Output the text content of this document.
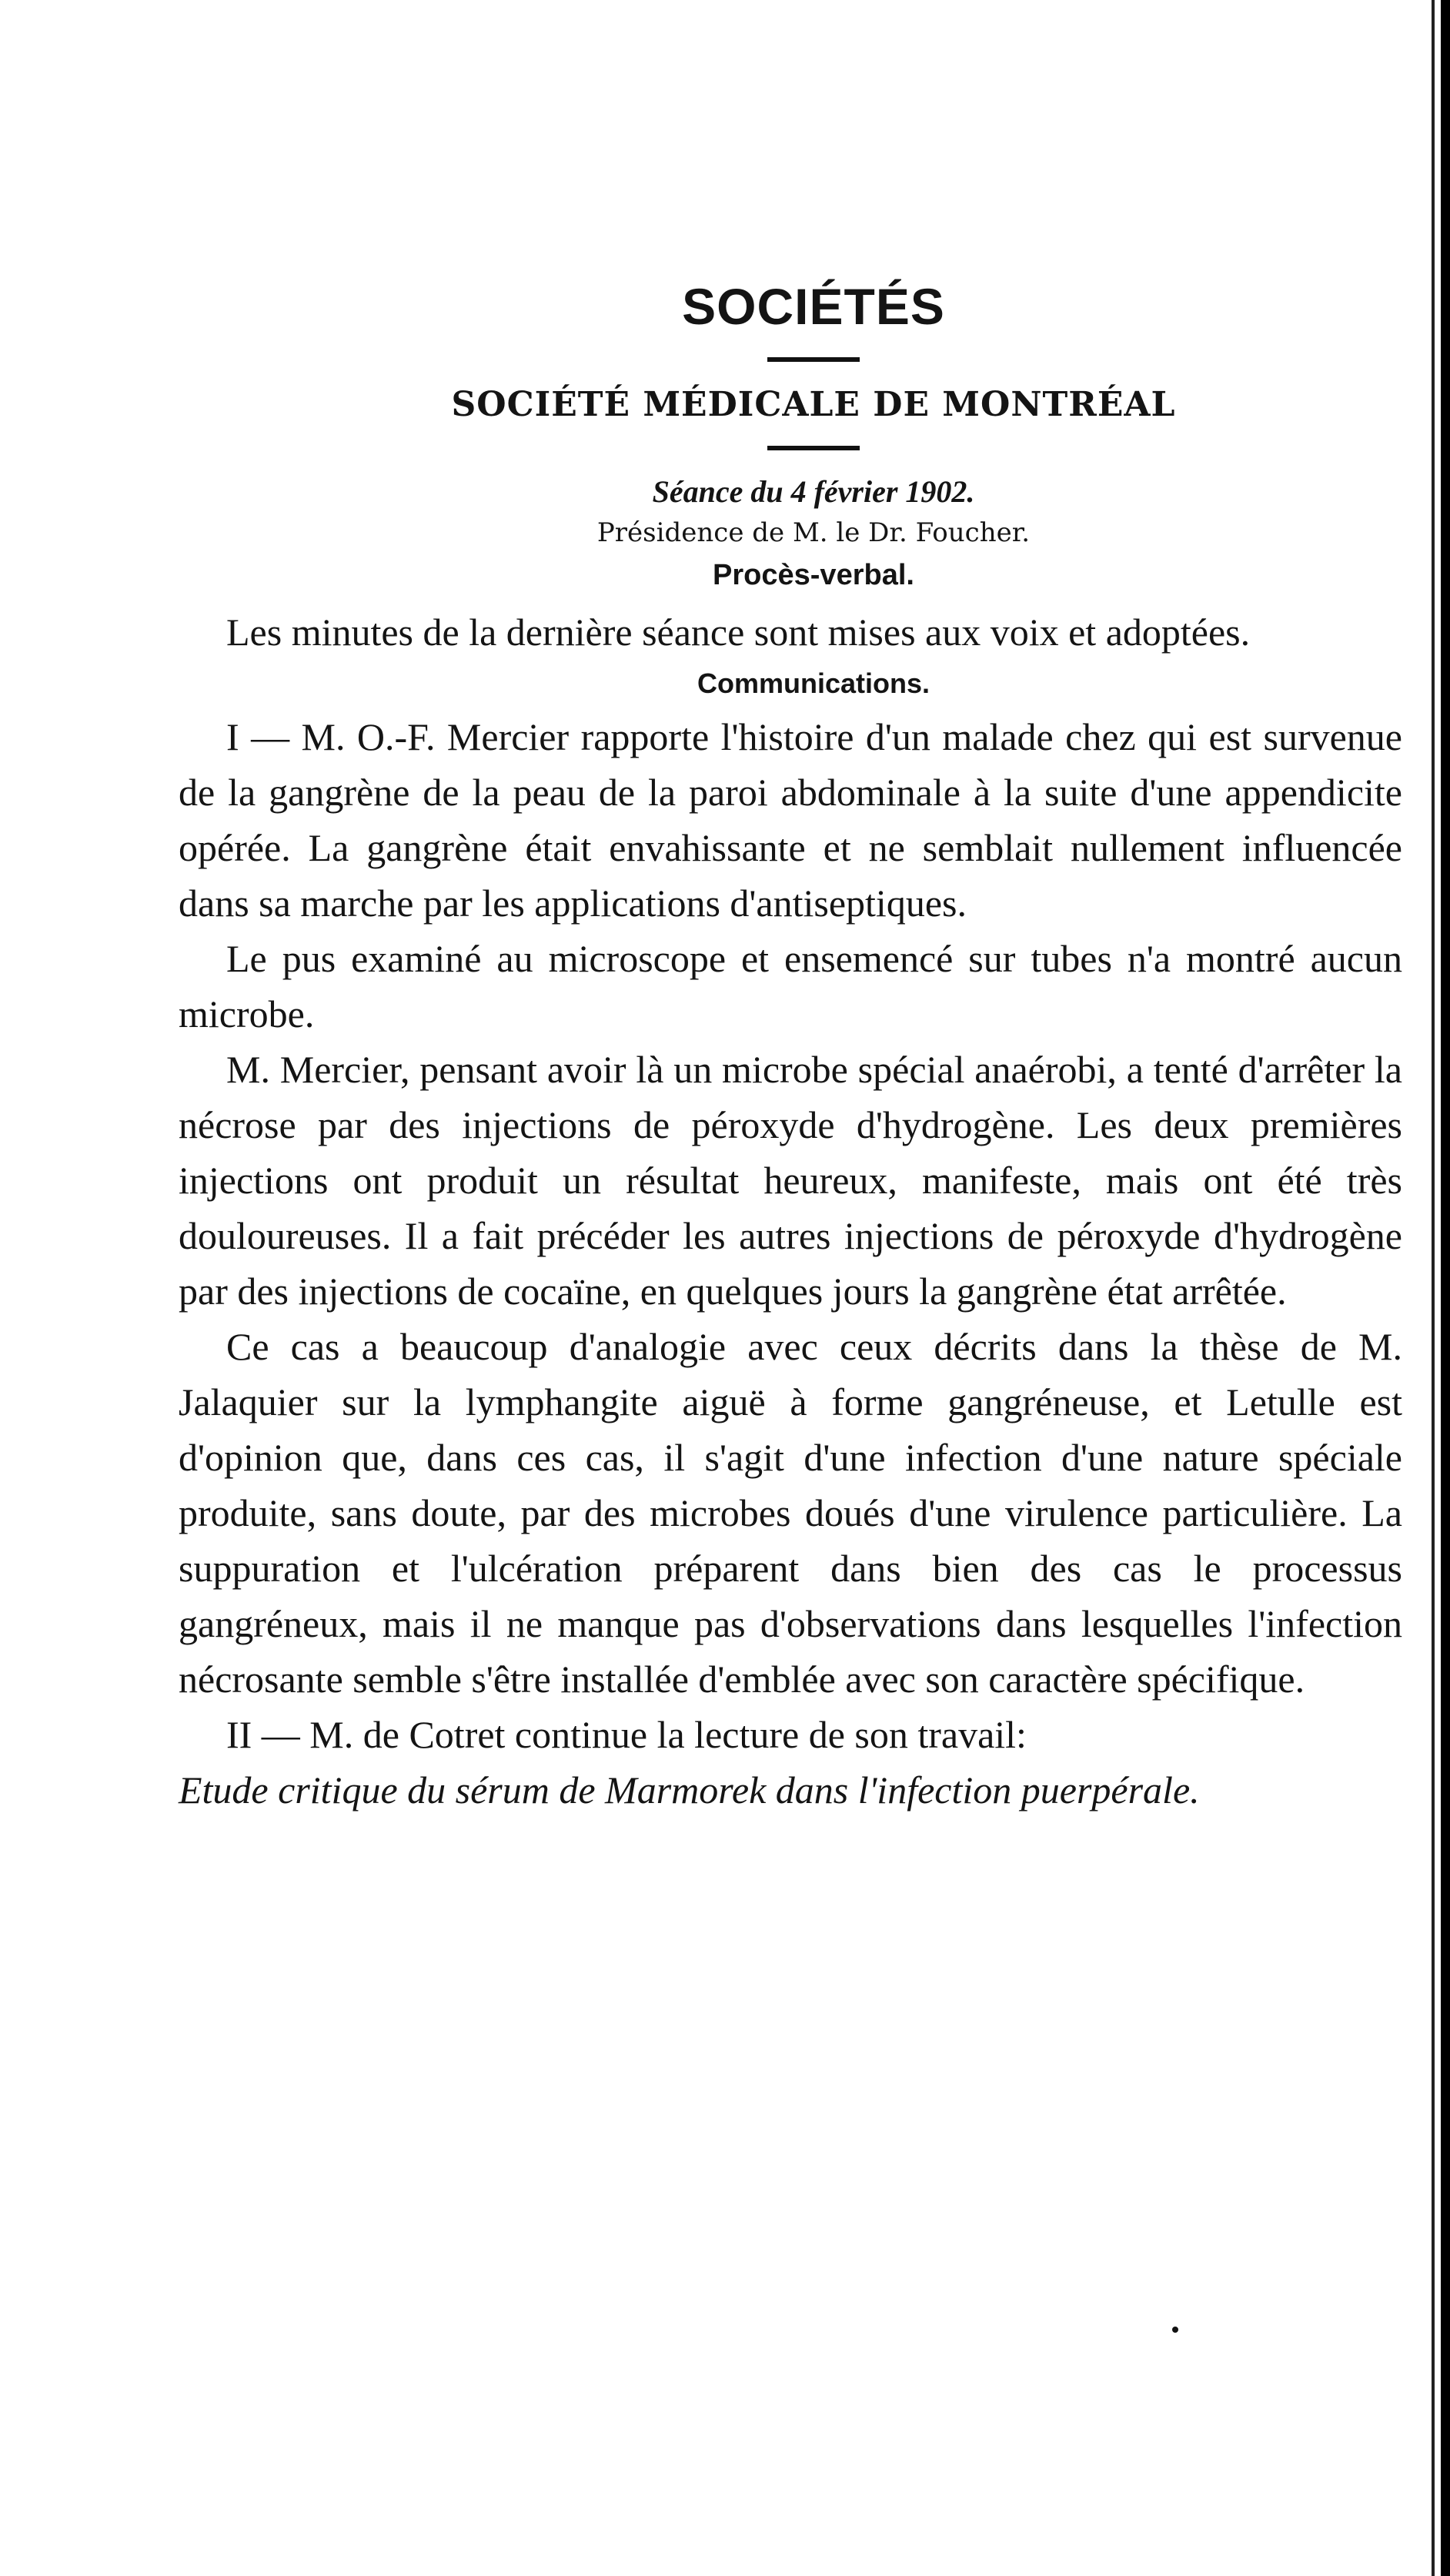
SOCIÉTÉS
SOCIÉTÉ MÉDICALE DE MONTRÉAL
Séance du 4 février 1902.
Présidence de M. le Dr. Foucher.
Procès-verbal.

Les minutes de la dernière séance sont mises aux voix et adoptées.

Communications.

I — M. O.-F. Mercier rapporte l'histoire d'un malade chez qui est survenue de la gangrène de la peau de la paroi abdominale à la suite d'une appendicite opérée. La gangrène était envahissante et ne semblait nullement influencée dans sa marche par les applications d'antiseptiques.

Le pus examiné au microscope et ensemencé sur tubes n'a montré aucun microbe.

M. Mercier, pensant avoir là un microbe spécial anaérobi, a tenté d'arrêter la nécrose par des injections de péroxyde d'hydrogène. Les deux premières injections ont produit un résultat heureux, manifeste, mais ont été très douloureuses. Il a fait précéder les autres injections de péroxyde d'hydrogène par des injections de cocaïne, en quelques jours la gangrène état arrêtée.

Ce cas a beaucoup d'analogie avec ceux décrits dans la thèse de M. Jalaquier sur la lymphangite aiguë à forme gangréneuse, et Letulle est d'opinion que, dans ces cas, il s'agit d'une infection d'une nature spéciale produite, sans doute, par des microbes doués d'une virulence particulière. La suppuration et l'ulcération préparent dans bien des cas le processus gangréneux, mais il ne manque pas d'observations dans lesquelles l'infection nécrosante semble s'être installée d'emblée avec son caractère spécifique.

II — M. de Cotret continue la lecture de son travail:

Etude critique du sérum de Marmorek dans l'infection puerpérale.
